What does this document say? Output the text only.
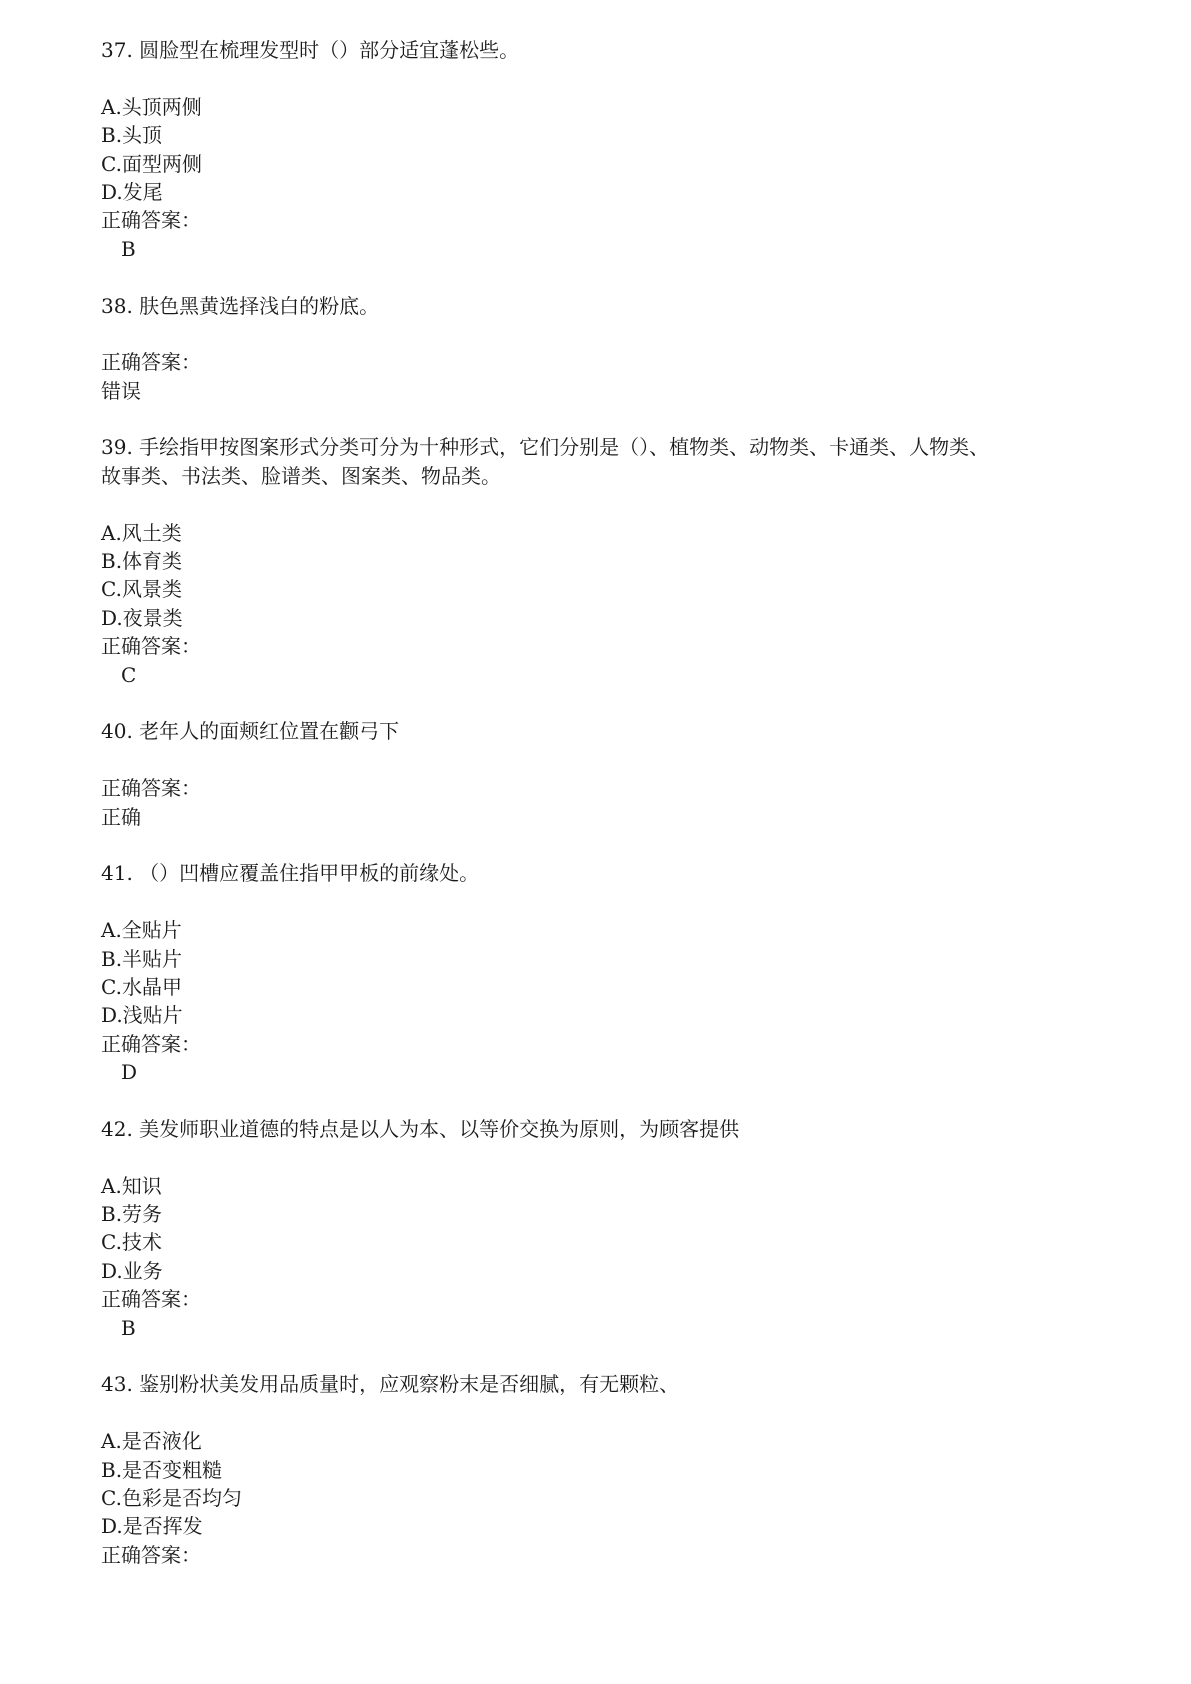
37. 圆脸型在梳理发型时（）部分适宜蓬松些。
A.头顶两侧
B.头顶
C.面型两侧
D.发尾
正确答案：
B
38. 肤色黑黄选择浅白的粉底。
正确答案：
错误
39. 手绘指甲按图案形式分类可分为十种形式，它们分别是（）、植物类、动物类、卡通类、人物类、
故事类、书法类、脸谱类、图案类、物品类。
A.风土类
B.体育类
C.风景类
D.夜景类
正确答案：
C
40. 老年人的面颊红位置在颧弓下
正确答案：
正确
41. （）凹槽应覆盖住指甲甲板的前缘处。
A.全贴片
B.半贴片
C.水晶甲
D.浅贴片
正确答案：
D
42. 美发师职业道德的特点是以人为本、以等价交换为原则，为顾客提供
A.知识
B.劳务
C.技术
D.业务
正确答案：
B
43. 鉴别粉状美发用品质量时，应观察粉末是否细腻，有无颗粒、
A.是否液化
B.是否变粗糙
C.色彩是否均匀
D.是否挥发
正确答案：
